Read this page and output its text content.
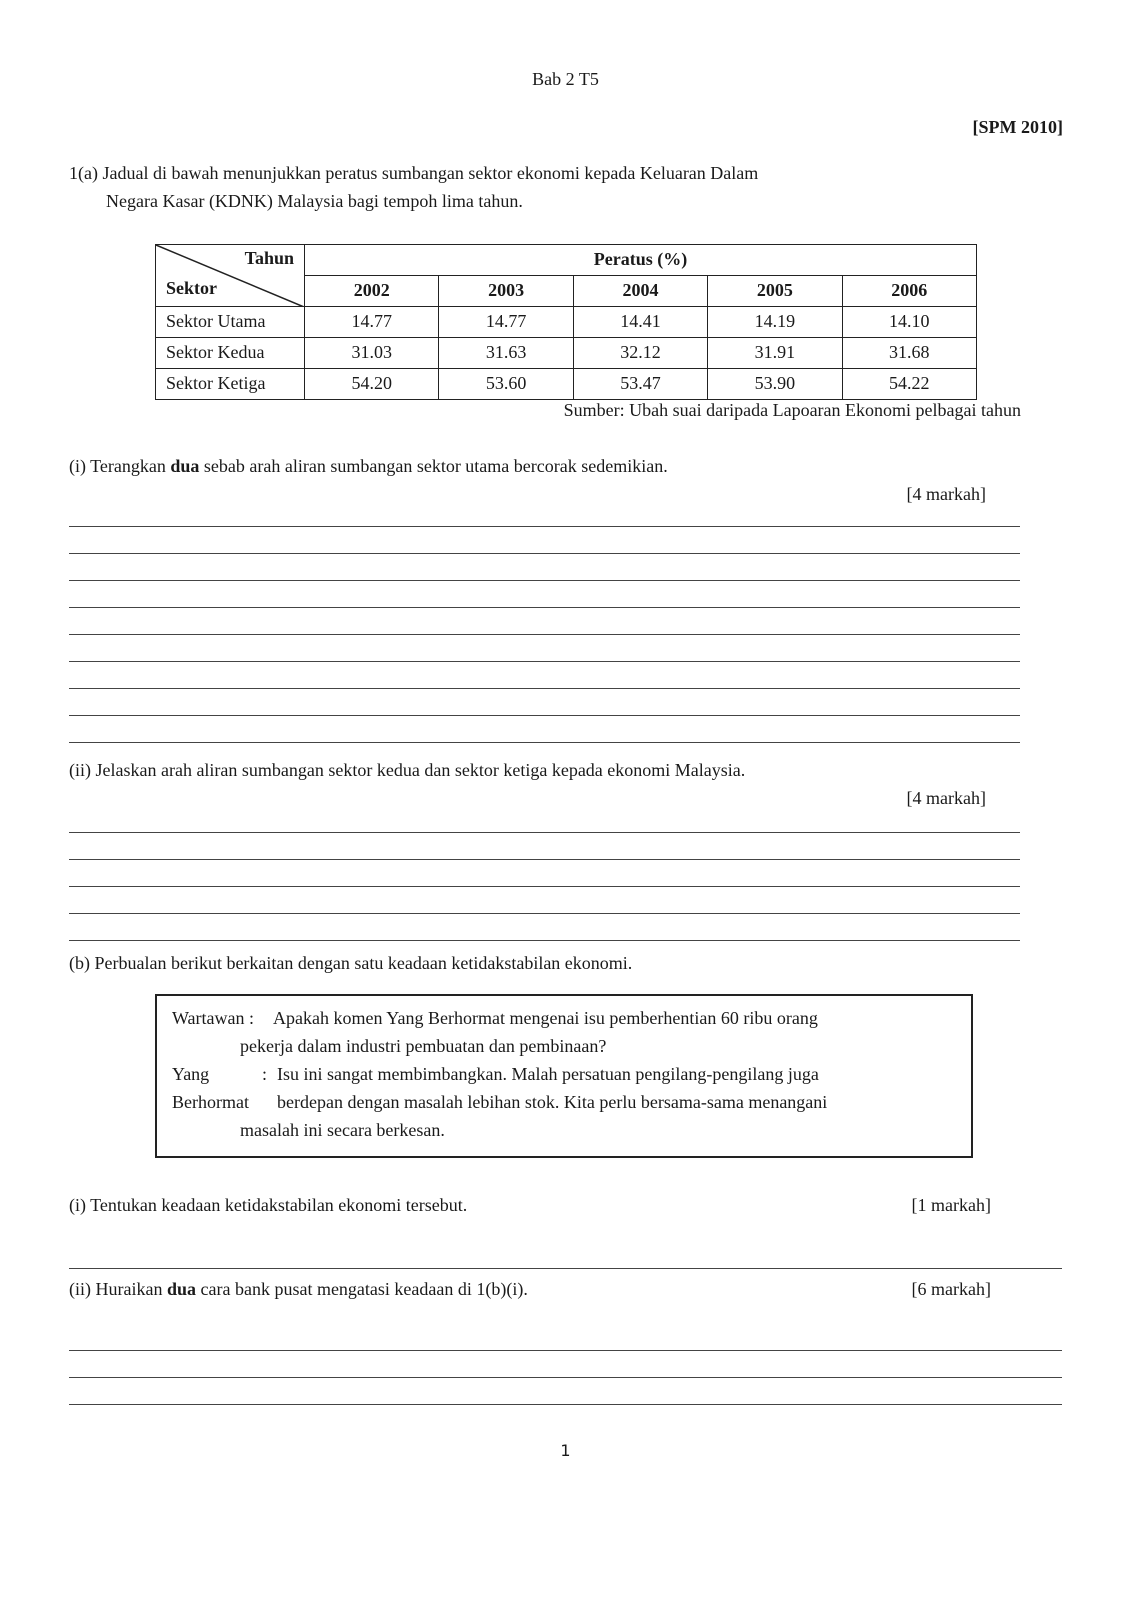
Bab 2 T5
[SPM 2010]
1(a) Jadual di bawah menunjukkan peratus sumbangan sektor ekonomi kepada Keluaran Dalam
Negara Kasar (KDNK) Malaysia bagi tempoh lima tahun.
Tahun
Sektor	Peratus (%)				
	2002	2003	2004	2005	2006
Sektor Utama	14.77	14.77	14.41	14.19	14.10
Sektor Kedua	31.03	31.63	32.12	31.91	31.68
Sektor Ketiga	54.20	53.60	53.47	53.90	54.22
Sumber: Ubah suai daripada Lapoaran Ekonomi pelbagai tahun
(i) Terangkan dua sebab arah aliran sumbangan sektor utama bercorak sedemikian.
[4 markah]
(ii) Jelaskan arah aliran sumbangan sektor kedua dan sektor ketiga kepada ekonomi Malaysia.
[4 markah]
(b) Perbualan berikut berkaitan dengan satu keadaan ketidakstabilan ekonomi.
Wartawan : Apakah komen Yang Berhormat mengenai isu pemberhentian 60 ribu orang
pekerja dalam industri pembuatan dan pembinaan?
Yang	: Isu ini sangat membimbangkan. Malah persatuan pengilang-pengilang juga
Berhormat berdepan dengan masalah lebihan stok. Kita perlu bersama-sama menangani
masalah ini secara berkesan.
(i) Tentukan keadaan ketidakstabilan ekonomi tersebut.	[1 markah]
(ii) Huraikan dua cara bank pusat mengatasi keadaan di 1(b)(i).	[6 markah]
1
